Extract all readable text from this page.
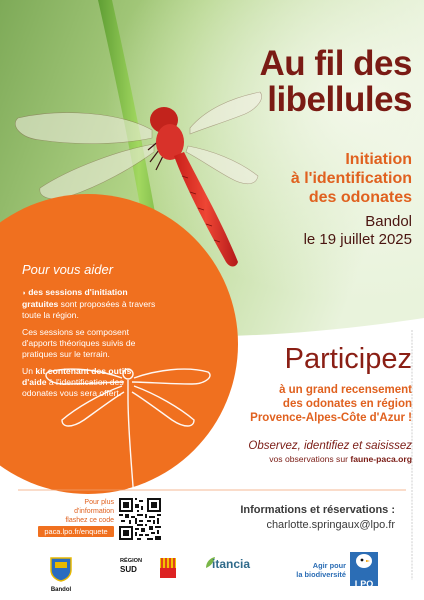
Au fil des
libellules
Initiation
à l'identification
des odonates
Bandol
le 19 juillet 2025
Pour vous aider

◗ des sessions d'initiation gratuites sont proposées à travers toute la région.

Ces sessions se composent d'apports théoriques suivis de pratiques sur le terrain.

Un kit contenant des outils d'aide à l'identification des odonates vous sera offert.

Participez
à un grand recensement
des odonates en région
Provence-Alpes-Côte d'Azur !
Observez, identifiez et saisissez
vos observations sur faune-paca.org
Pour plus
d'information
flashez ce code
paca.lpo.fr/enquete
Informations et réservations :
charlotte.springaux@lpo.fr
Bandol
RÉGION
SUD	itancia	Agir pour
la biodiversité
LPO
